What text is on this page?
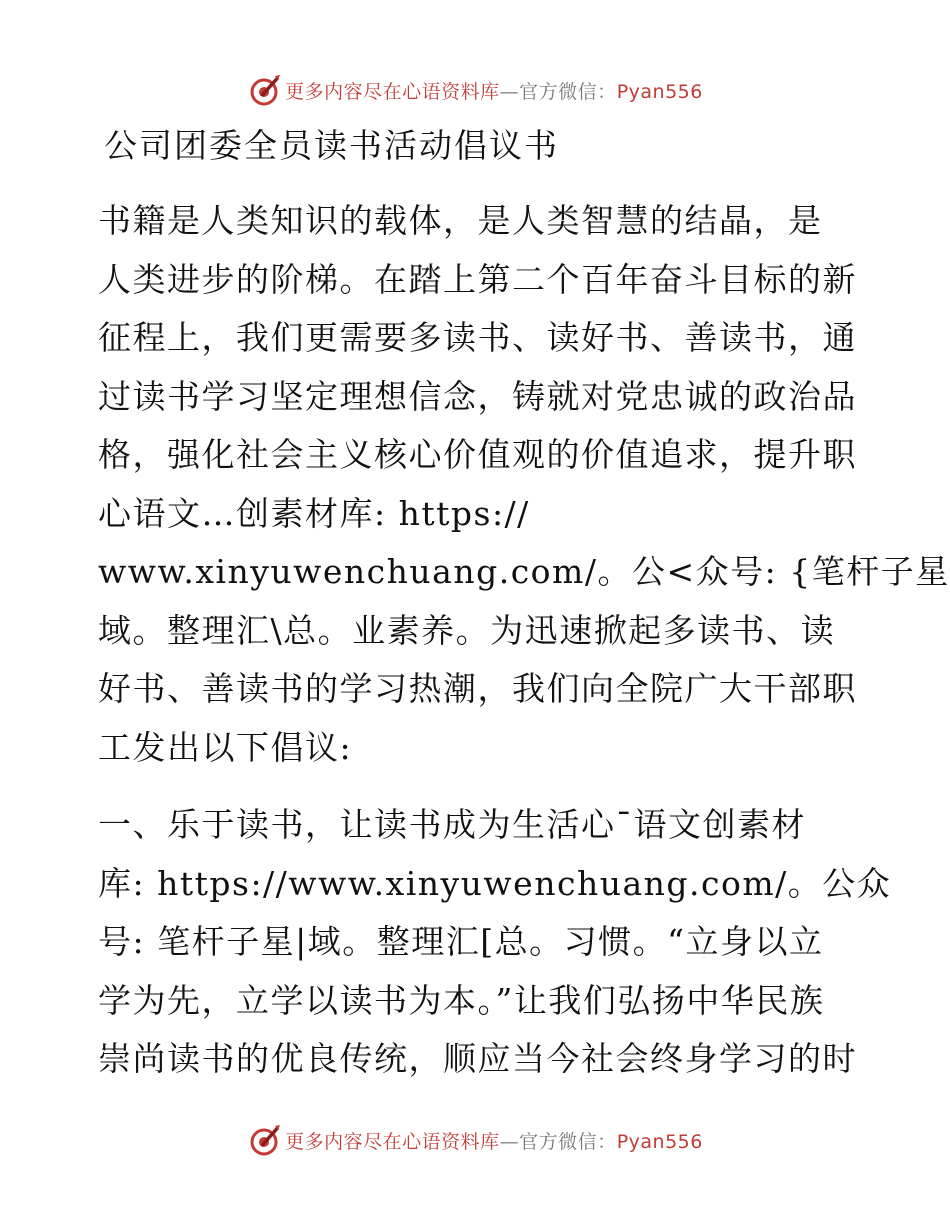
更多内容尽在心语资料库—官方微信：Pyan556
公司团委全员读书活动倡议书
书籍是人类知识的载体，是人类智慧的结晶，是
人类进步的阶梯。在踏上第二个百年奋斗目标的新
征程上，我们更需要多读书、读好书、善读书，通
过读书学习坚定理想信念，铸就对党忠诚的政治品
格，强化社会主义核心价值观的价值追求，提升职
心语文…创素材库: https://
www.xinyuwenchuang.com/。公<众号: {笔杆子星
域。整理汇\总。业素养。为迅速掀起多读书、读
好书、善读书的学习热潮，我们向全院广大干部职
工发出以下倡议:
一、乐于读书，让读书成为生活心¯语文创素材
库: https://www.xinyuwenchuang.com/。公众
号: 笔杆子星|域。整理汇[总。习惯。“立身以立
学为先，立学以读书为本。”让我们弘扬中华民族
崇尚读书的优良传统，顺应当今社会终身学习的时
更多内容尽在心语资料库—官方微信：Pyan556
